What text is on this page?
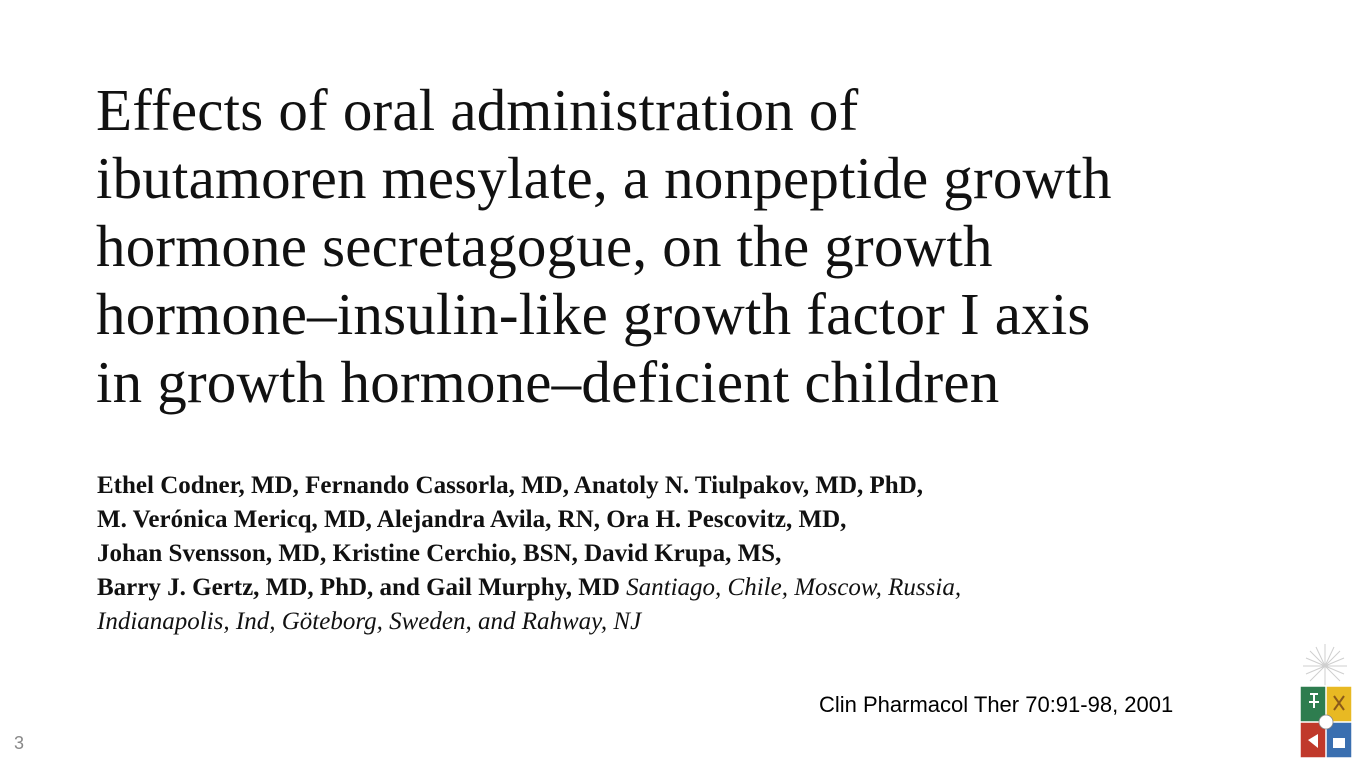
Effects of oral administration of
ibutamoren mesylate, a nonpeptide growth
hormone secretagogue, on the growth
hormone–insulin-like growth factor I axis
in growth hormone–deficient children
Ethel Codner, MD, Fernando Cassorla, MD, Anatoly N. Tiulpakov, MD, PhD,
M. Verónica Mericq, MD, Alejandra Avila, RN, Ora H. Pescovitz, MD,
Johan Svensson, MD, Kristine Cerchio, BSN, David Krupa, MS,
Barry J. Gertz, MD, PhD, and Gail Murphy, MD Santiago, Chile, Moscow, Russia,
Indianapolis, Ind, Göteborg, Sweden, and Rahway, NJ
Clin Pharmacol Ther 70:91-98, 2001
3
